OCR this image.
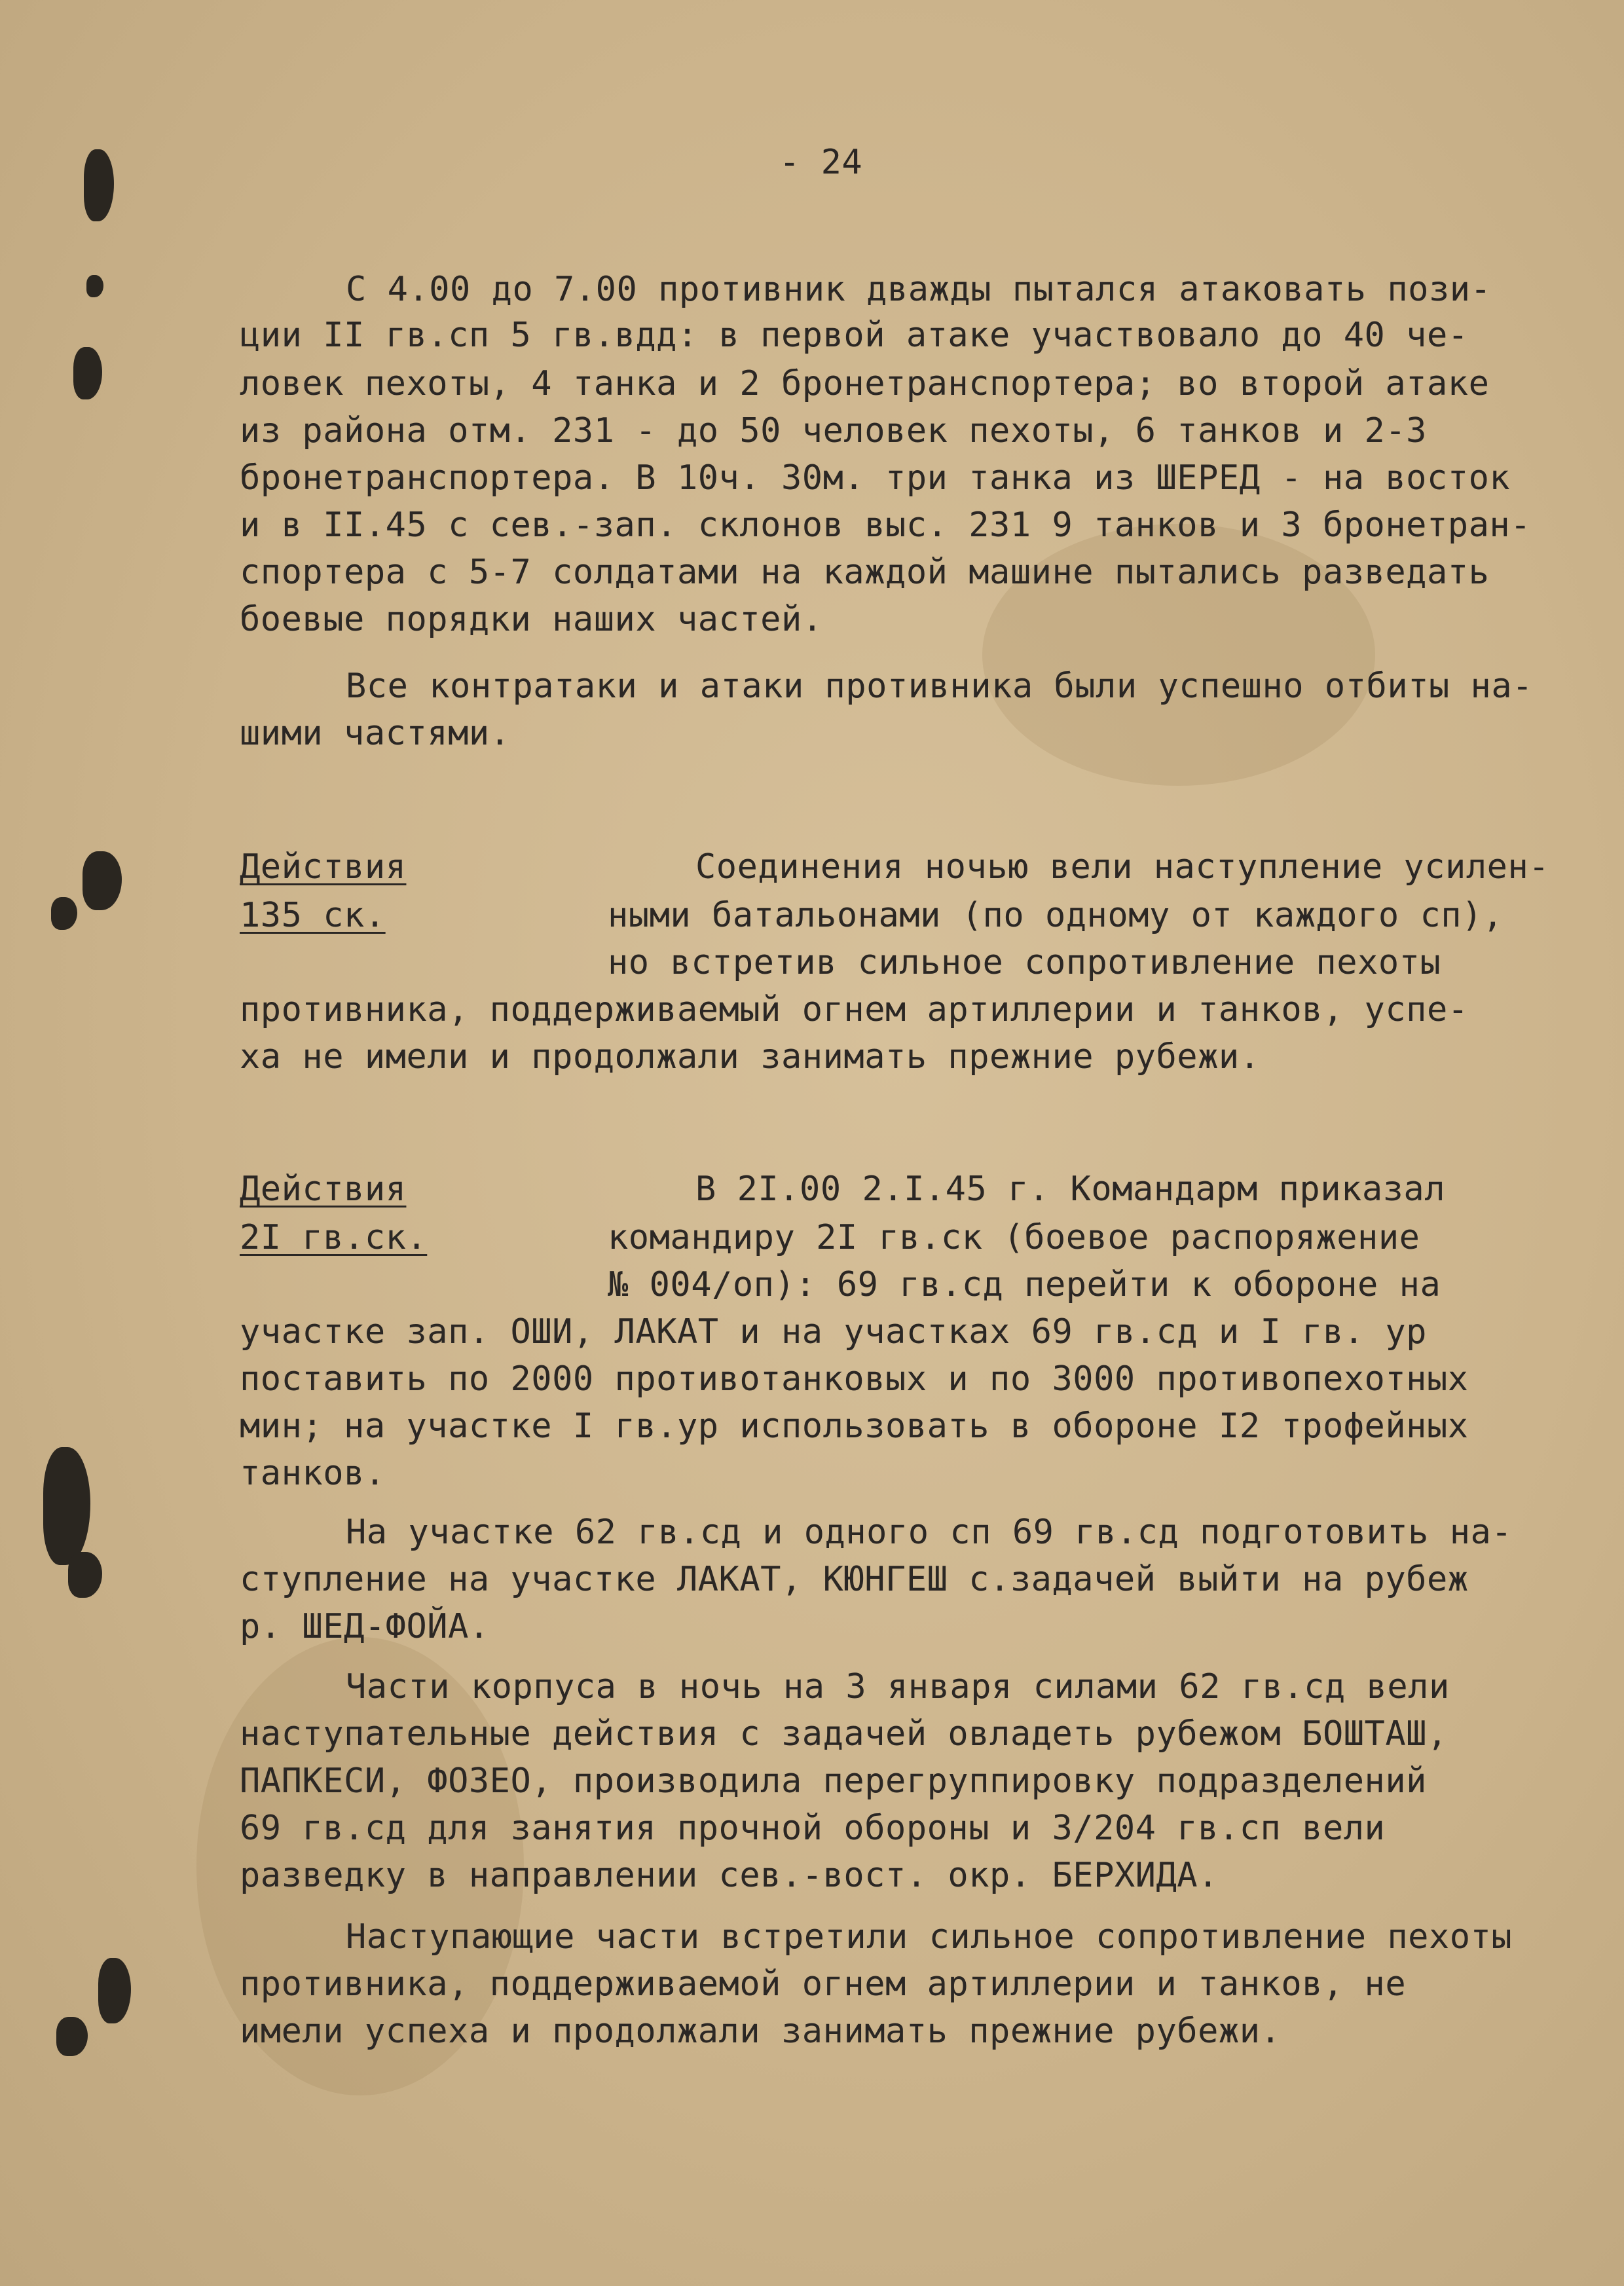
- 24
С 4.00 до 7.00 противник дважды пытался атаковать пози-
ции II гв.сп 5 гв.вдд: в первой атаке участвовало до 40 че-
ловек пехоты, 4 танка и 2 бронетранспортера; во второй атаке
из района отм. 231 - до 50 человек пехоты, 6 танков и 2-3
бронетранспортера. В 10ч. 30м. три танка из ШЕРЕД - на восток
и в II.45 с сев.-зап. склонов выс. 231 9 танков и 3 бронетран-
спортера с 5-7 солдатами на каждой машине пытались разведать
боевые порядки наших частей.
Все контратаки и атаки противника были успешно отбиты на-
шими частями.
Действия
135 ск.
Соединения ночью вели наступление усилен-
ными батальонами (по одному от каждого сп),
но встретив сильное сопротивление пехоты
противника, поддерживаемый огнем артиллерии и танков, успе-
ха не имели и продолжали занимать прежние рубежи.
Действия
2I гв.ск.
В 2I.00 2.I.45 г. Командарм приказал
командиру 2I гв.ск (боевое распоряжение
№ 004/оп): 69 гв.сд перейти к обороне на
участке зап. ОШИ, ЛАКАТ и на участках 69 гв.сд и I гв. ур
поставить по 2000 противотанковых и по 3000 противопехотных
мин; на участке I гв.ур использовать в обороне I2 трофейных
танков.
На участке 62 гв.сд и одного сп 69 гв.сд подготовить на-
ступление на участке ЛАКАТ, КЮНГЕШ с.задачей выйти на рубеж
р. ШЕД-ФОЙА.
Части корпуса в ночь на 3 января силами 62 гв.сд вели
наступательные действия с задачей овладеть рубежом БОШТАШ,
ПАПКЕСИ, ФОЗЕО, производила перегруппировку подразделений
69 гв.сд для занятия прочной обороны и 3/204 гв.сп вели
разведку в направлении сев.-вост. окр. БЕРХИДА.
Наступающие части встретили сильное сопротивление пехоты
противника, поддерживаемой огнем артиллерии и танков, не
имели успеха и продолжали занимать прежние рубежи.
